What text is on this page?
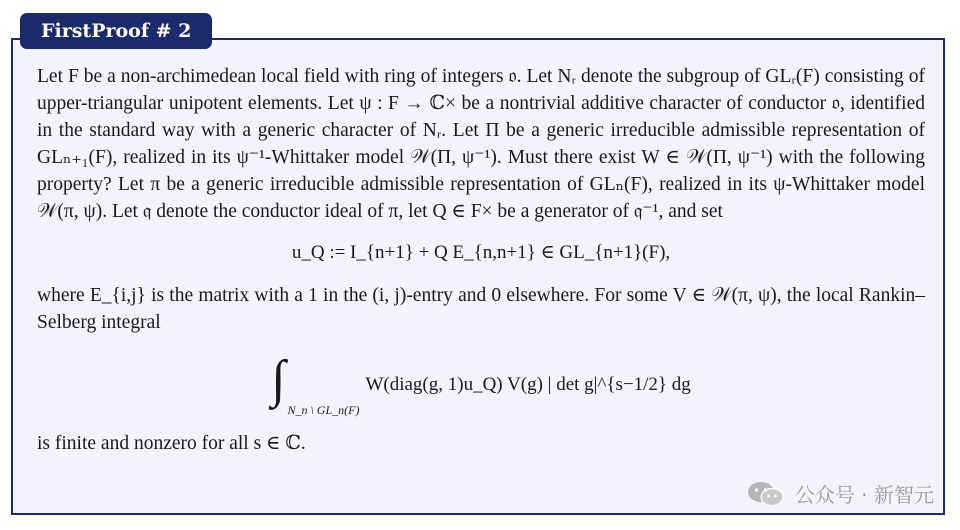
FirstProof # 2

Let F be a non-archimedean local field with ring of integers 𝔬. Let Nᵣ denote the subgroup of GLᵣ(F) consisting of upper-triangular unipotent elements. Let ψ : F → ℂ× be a nontrivial additive character of conductor 𝔬, identified in the standard way with a generic character of Nᵣ. Let Π be a generic irreducible admissible representation of GLₙ₊₁(F), realized in its ψ⁻¹-Whittaker model 𝒲(Π, ψ⁻¹). Must there exist W ∈ 𝒲(Π, ψ⁻¹) with the following property? Let π be a generic irreducible admissible representation of GLₙ(F), realized in its ψ-Whittaker model 𝒲(π, ψ). Let 𝔮 denote the conductor ideal of π, let Q ∈ F× be a generator of 𝔮⁻¹, and set

u_Q := I_{n+1} + Q E_{n,n+1} ∈ GL_{n+1}(F),

where E_{i,j} is the matrix with a 1 in the (i, j)-entry and 0 elsewhere. For some V ∈ 𝒲(π, ψ), the local Rankin–Selberg integral

∫
N_n \ GL_n(F)
W(diag(g, 1)u_Q) V(g) | det g|^{s−1/2} dg

is finite and nonzero for all s ∈ ℂ.

公众号 · 新智元
